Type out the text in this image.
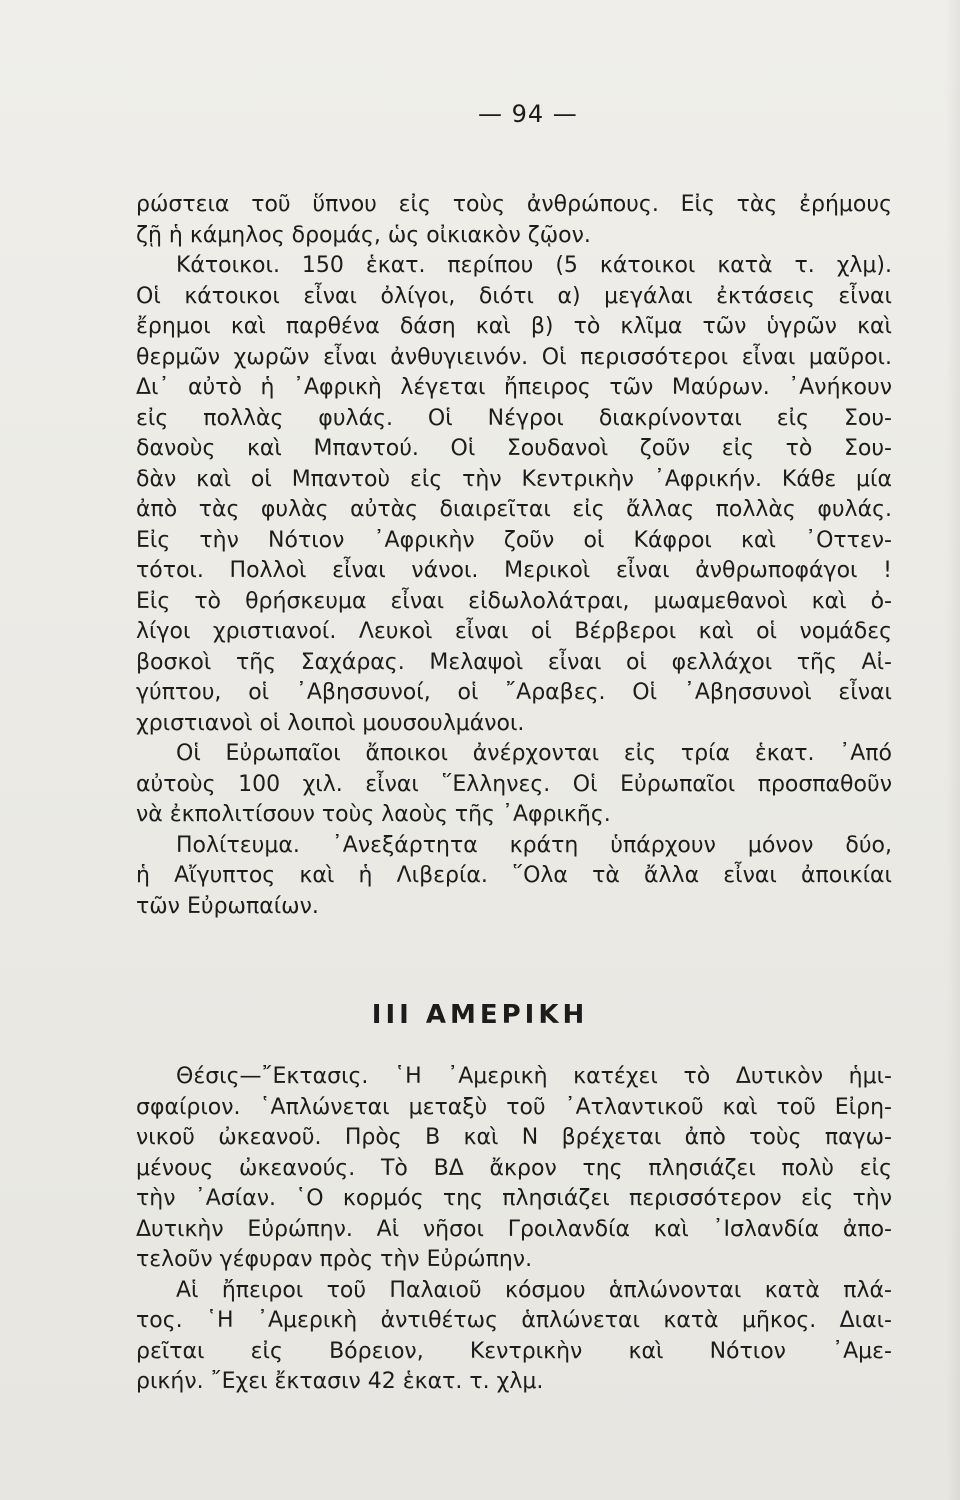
— 94 —
ρώστεια τοῦ ὕπνου εἰς τοὺς ἀνθρώπους. Εἰς τὰς ἐρήμους
ζῇ ἡ κάμηλος δρομάς, ὡς οἰκιακὸν ζῷον.
Κάτοικοι. 150 ἑκατ. περίπου (5 κάτοικοι κατὰ τ. χλμ).
Οἱ κάτοικοι εἶναι ὀλίγοι, διότι α) μεγάλαι ἐκτάσεις εἶναι
ἔρημοι καὶ παρθένα δάση καὶ β) τὸ κλῖμα τῶν ὑγρῶν καὶ
θερμῶν χωρῶν εἶναι ἀνθυγιεινόν. Οἱ περισσότεροι εἶναι μαῦροι.
Δι᾿ αὐτὸ ἡ ᾿Αφρικὴ λέγεται ἤπειρος τῶν Μαύρων. ᾿Ανήκουν
εἰς πολλὰς φυλάς. Οἱ Νέγροι διακρίνονται εἰς Σου-
δανοὺς καὶ Μπαντού. Οἱ Σουδανοὶ ζοῦν εἰς τὸ Σου-
δὰν καὶ οἱ Μπαντοὺ εἰς τὴν Κεντρικὴν ᾿Αφρικήν. Κάθε μία
ἀπὸ τὰς φυλὰς αὐτὰς διαιρεῖται εἰς ἄλλας πολλὰς φυλάς.
Εἰς τὴν Νότιον ᾿Αφρικὴν ζοῦν οἱ Κάφροι καὶ ᾿Οττεν-
τότοι. Πολλοὶ εἶναι νάνοι. Μερικοὶ εἶναι ἀνθρωποφάγοι !
Εἰς τὸ θρήσκευμα εἶναι εἰδωλολάτραι, μωαμεθανοὶ καὶ ὀ-
λίγοι χριστιανοί. Λευκοὶ εἶναι οἱ Βέρβεροι καὶ οἱ νομάδες
βοσκοὶ τῆς Σαχάρας. Μελαψοὶ εἶναι οἱ φελλάχοι τῆς Αἰ-
γύπτου, οἱ ᾿Αβησσυνοί, οἱ ῎Αραβες. Οἱ ᾿Αβησσυνοὶ εἶναι
χριστιανοὶ οἱ λοιποὶ μουσουλμάνοι.
Οἱ Εὐρωπαῖοι ἄποικοι ἀνέρχονται εἰς τρία ἑκατ. ᾿Από
αὐτοὺς 100 χιλ. εἶναι ῞Ελληνες. Οἱ Εὐρωπαῖοι προσπαθοῦν
νὰ ἐκπολιτίσουν τοὺς λαοὺς τῆς ᾿Αφρικῆς.
Πολίτευμα. ᾿Ανεξάρτητα κράτη ὑπάρχουν μόνον δύο,
ἡ Αἴγυπτος καὶ ἡ Λιβερία. ῞Ολα τὰ ἄλλα εἶναι ἀποικίαι
τῶν Εὐρωπαίων.
III ΑΜΕΡΙΚΗ
Θέσις—῎Εκτασις. ῾Η ᾿Αμερικὴ κατέχει τὸ Δυτικὸν ἡμι-
σφαίριον. ῾Απλώνεται μεταξὺ τοῦ ᾿Ατλαντικοῦ καὶ τοῦ Εἰρη-
νικοῦ ὠκεανοῦ. Πρὸς Β καὶ Ν βρέχεται ἀπὸ τοὺς παγω-
μένους ὠκεανούς. Τὸ ΒΔ ἄκρον της πλησιάζει πολὺ εἰς
τὴν ᾿Ασίαν. ῾Ο κορμός της πλησιάζει περισσότερον εἰς τὴν
Δυτικὴν Εὐρώπην. Αἱ νῆσοι Γροιλανδία καὶ ᾿Ισλανδία ἀπο-
τελοῦν γέφυραν πρὸς τὴν Εὐρώπην.
Αἱ ἤπειροι τοῦ Παλαιοῦ κόσμου ἁπλώνονται κατὰ πλά-
τος. ῾Η ᾿Αμερικὴ ἀντιθέτως ἁπλώνεται κατὰ μῆκος. Διαι-
ρεῖται εἰς Βόρειον, Κεντρικὴν καὶ Νότιον ᾿Αμε-
ρικήν. ῎Εχει ἔκτασιν 42 ἑκατ. τ. χλμ.
